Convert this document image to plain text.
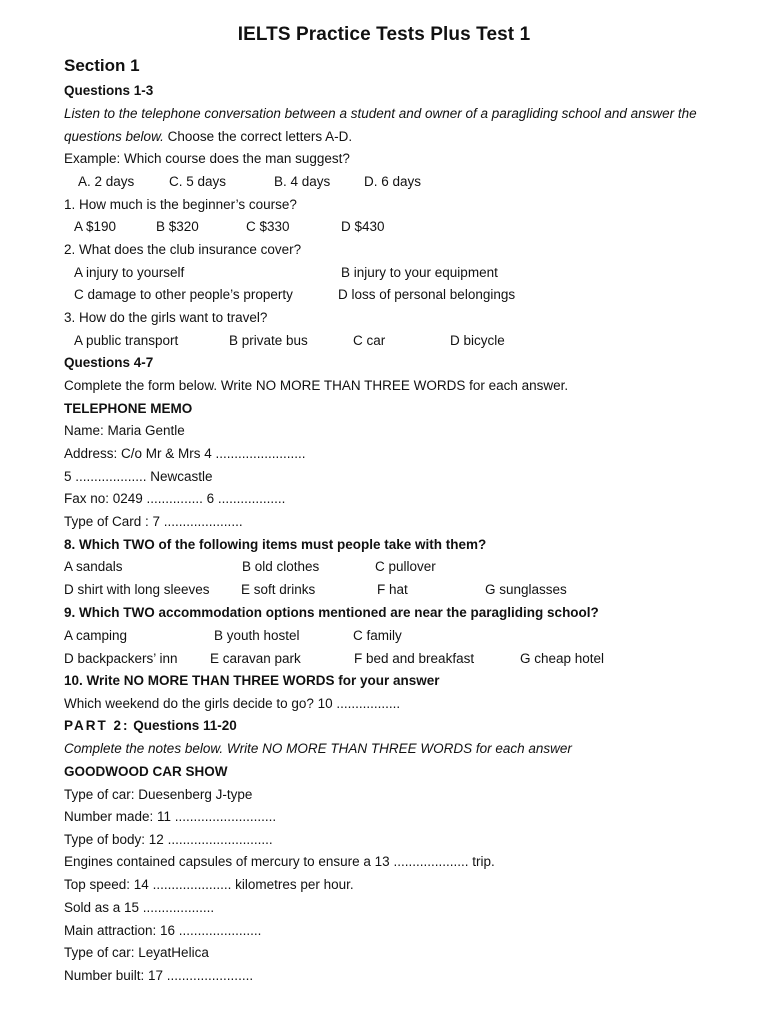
IELTS Practice Tests Plus Test 1
Section 1
Questions 1-3
Listen to the telephone conversation between a student and owner of a paragliding school and answer the
questions below. Choose the correct letters A-D.
Example: Which course does the man suggest?
A. 2 days	C. 5 days	B. 4 days D. 6 days
1. How much is the beginner’s course?
A $190	B $320	C $330	D $430
2. What does the club insurance cover?
A injury to yourself	B injury to your equipment
C damage to other people’s property	D loss of personal belongings
3. How do the girls want to travel?
A public transport	B private bus	C car	D bicycle
Questions 4-7
Complete the form below. Write NO MORE THAN THREE WORDS for each answer.
TELEPHONE MEMO
Name: Maria Gentle
Address: C/o Mr & Mrs 4 ........................
5 ................... Newcastle
Fax no: 0249 ............... 6 ..................
Type of Card : 7 .....................
8. Which TWO of the following items must people take with them?
A sandals	B old clothes	C pullover
D shirt with long sleeves E soft drinks	F hat	G sunglasses
9. Which TWO accommodation options mentioned are near the paragliding school?
A camping	B youth hostel	C family
D backpackers’ inn E caravan park	F bed and breakfast	G cheap hotel
10. Write NO MORE THAN THREE WORDS for your answer
Which weekend do the girls decide to go? 10 .................
PART 2: Questions 11-20
Complete the notes below. Write NO MORE THAN THREE WORDS for each answer
GOODWOOD CAR SHOW
Type of car: Duesenberg J-type
Number made: 11 ...........................
Type of body: 12 ............................
Engines contained capsules of mercury to ensure a 13 .................... trip.
Top speed: 14 ..................... kilometres per hour.
Sold as a 15 ...................
Main attraction: 16 ......................
Type of car: LeyatHelica
Number built: 17 .......................
